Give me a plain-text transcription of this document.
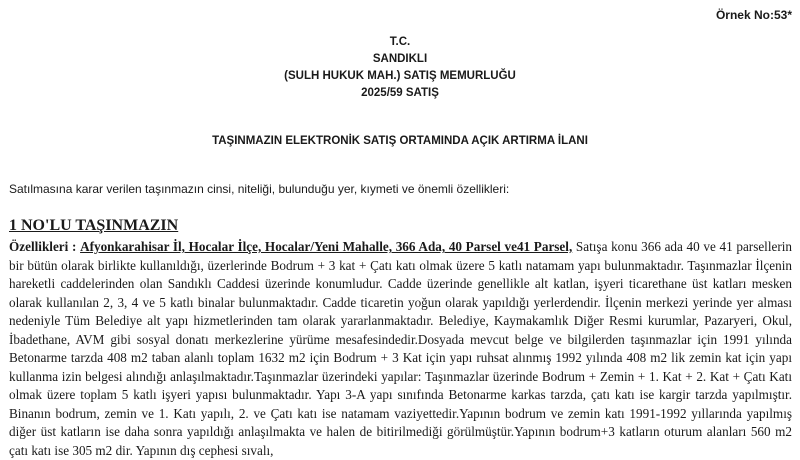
Örnek No:53*
T.C.
SANDIKLI
(SULH HUKUK MAH.) SATIŞ MEMURLUĞU
2025/59 SATIŞ
TAŞINMAZIN ELEKTRONİK SATIŞ ORTAMINDA AÇIK ARTIRMA İLANI
Satılmasına karar verilen taşınmazın cinsi, niteliği, bulunduğu yer, kıymeti ve önemli özellikleri:
1 NO'LU TAŞINMAZIN
Özellikleri : Afyonkarahisar İl, Hocalar İlçe, Hocalar/Yeni Mahalle, 366 Ada, 40 Parsel ve41 Parsel, Satışa konu 366 ada 40 ve 41 parsellerin bir bütün olarak birlikte kullanıldığı, üzerlerinde Bodrum + 3 kat + Çatı katı olmak üzere 5 katlı natamam yapı bulunmaktadır. Taşınmazlar İlçenin hareketli caddelerinden olan Sandıklı Caddesi üzerinde konumludur. Cadde üzerinde genellikle alt katlan, işyeri ticarethane üst katları mesken olarak kullanılan 2, 3, 4 ve 5 katlı binalar bulunmaktadır. Cadde ticaretin yoğun olarak yapıldığı yerlerdendir. İlçenin merkezi yerinde yer alması nedeniyle Tüm Belediye alt yapı hizmetlerinden tam olarak yararlanmaktadır. Belediye, Kaymakamlık Diğer Resmi kurumlar, Pazaryeri, Okul, İbadethane, AVM gibi sosyal donatı merkezlerine yürüme mesafesindedir.Dosyada mevcut belge ve bilgilerden taşınmazlar için 1991 yılında Betonarme tarzda 408 m2 taban alanlı toplam 1632 m2 için Bodrum + 3 Kat için yapı ruhsat alınmış 1992 yılında 408 m2 lik zemin kat için yapı kullanma izin belgesi alındığı anlaşılmaktadır.Taşınmazlar üzerindeki yapılar: Taşınmazlar üzerinde Bodrum + Zemin + 1. Kat + 2. Kat + Çatı Katı olmak üzere toplam 5 katlı işyeri yapısı bulunmaktadır. Yapı 3-A yapı sınıfında Betonarme karkas tarzda, çatı katı ise kargir tarzda yapılmıştır. Binanın bodrum, zemin ve 1. Katı yapılı, 2. ve Çatı katı ise natamam vaziyettedir.Yapının bodrum ve zemin katı 1991-1992 yıllarında yapılmış diğer üst katların ise daha sonra yapıldığı anlaşılmakta ve halen de bitirilmediği görülmüştür.Yapının bodrum+3 katların oturum alanları 560 m2 çatı katı ise 305 m2 dir. Yapının dış cephesi sıvalı,
